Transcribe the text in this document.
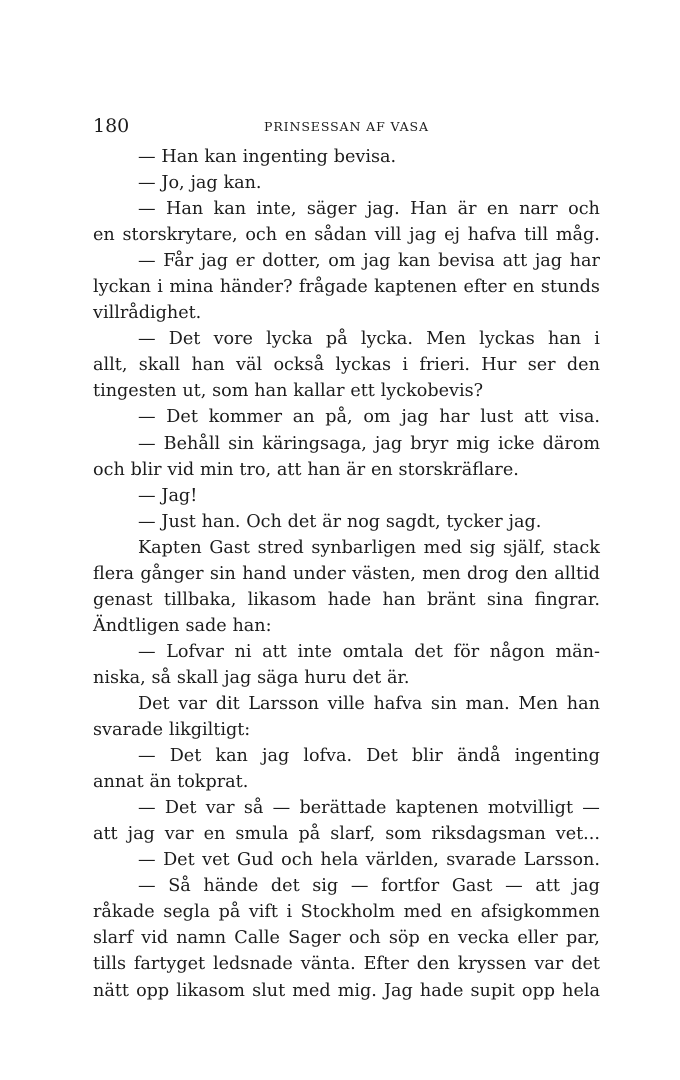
180	PRINSESSAN AF VASA
— Han kan ingenting bevisa.
— Jo, jag kan.
— Han kan inte, säger jag. Han är en narr och
en storskrytare, och en sådan vill jag ej hafva till måg.
— Får jag er dotter, om jag kan bevisa att jag har
lyckan i mina händer? frågade kaptenen efter en stunds
villrådighet.
— Det vore lycka på lycka. Men lyckas han i
allt, skall han väl också lyckas i frieri. Hur ser den
tingesten ut, som han kallar ett lyckobevis?
— Det kommer an på, om jag har lust att visa.
— Behåll sin käringsaga, jag bryr mig icke därom
och blir vid min tro, att han är en storskräflare.
— Jag!
— Just han. Och det är nog sagdt, tycker jag.
Kapten Gast stred synbarligen med sig själf, stack
flera gånger sin hand under västen, men drog den alltid
genast tillbaka, likasom hade han bränt sina fingrar.
Ändtligen sade han:
— Lofvar ni att inte omtala det för någon män-
niska, så skall jag säga huru det är.
Det var dit Larsson ville hafva sin man. Men han
svarade likgiltigt:
— Det kan jag lofva. Det blir ändå ingenting
annat än tokprat.
— Det var så — berättade kaptenen motvilligt —
att jag var en smula på slarf, som riksdagsman vet...
— Det vet Gud och hela världen, svarade Larsson.
— Så hände det sig — fortfor Gast — att jag
råkade segla på vift i Stockholm med en afsigkommen
slarf vid namn Calle Sager och söp en vecka eller par,
tills fartyget ledsnade vänta. Efter den kryssen var det
nätt opp likasom slut med mig. Jag hade supit opp hela
